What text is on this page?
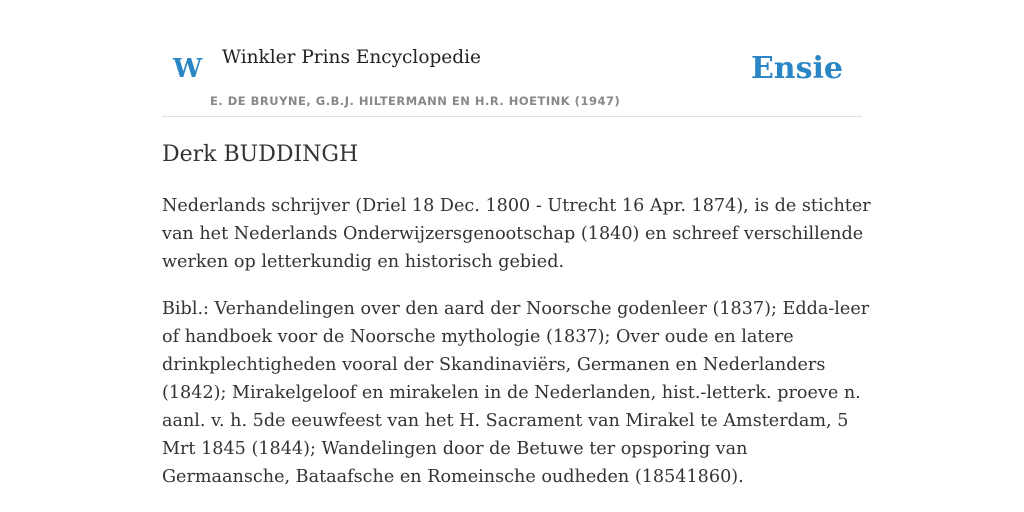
W Winkler Prins Encyclopedie
E. DE BRUYNE, G.B.J. HILTERMANN EN H.R. HOETINK (1947)
Ensie
Derk BUDDINGH

Nederlands schrijver (Driel 18 Dec. 1800 - Utrecht 16 Apr. 1874), is de stichter van het Nederlands Onderwijzersgenootschap (1840) en schreef verschillende werken op letterkundig en historisch gebied.

Bibl.: Verhandelingen over den aard der Noorsche godenleer (1837); Edda-leer of handboek voor de Noorsche mythologie (1837); Over oude en latere drinkplechtigheden vooral der Skandinaviërs, Germanen en Nederlanders (1842); Mirakelgeloof en mirakelen in de Nederlanden, hist.-letterk. proeve n. aanl. v. h. 5de eeuwfeest van het H. Sacrament van Mirakel te Amsterdam, 5 Mrt 1845 (1844); Wandelingen door de Betuwe ter opsporing van Germaansche, Bataafsche en Romeinsche oudheden (18541860).
